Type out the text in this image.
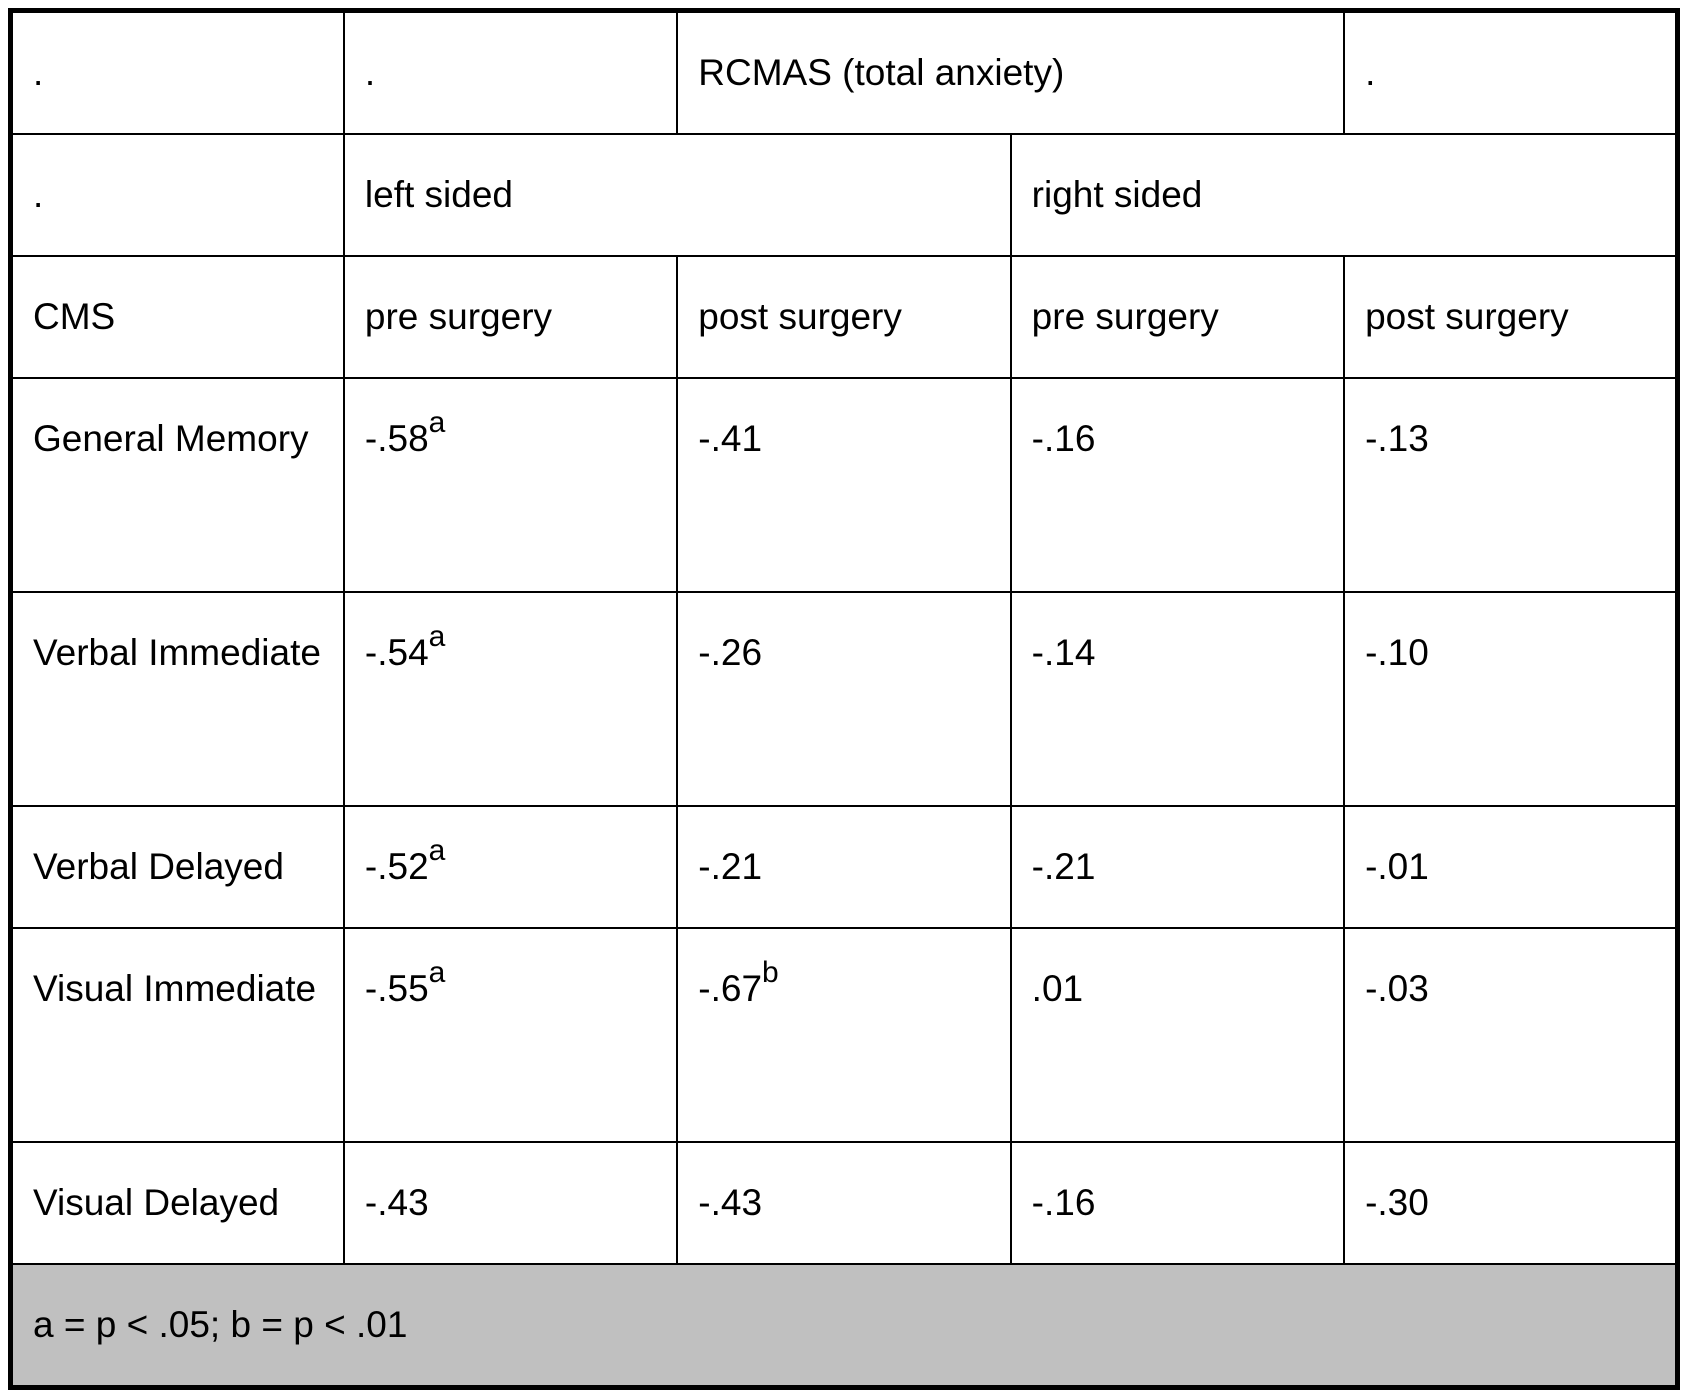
.	.	RCMAS (total anxiety)		.
.	left sided		right sided	
CMS	pre surgery	post surgery	pre surgery	post surgery
General Memory	-.58$^a$	-.41	-.16	-.13
Verbal Immediate	-.54$^a$	-.26	-.14	-.10
Verbal Delayed	-.52$^a$	-.21	-.21	-.01
Visual Immediate	-.55$^a$	-.67$^b$	.01	-.03
Visual Delayed	-.43	-.43	-.16	-.30
a = p < .05; b = p < .01				
